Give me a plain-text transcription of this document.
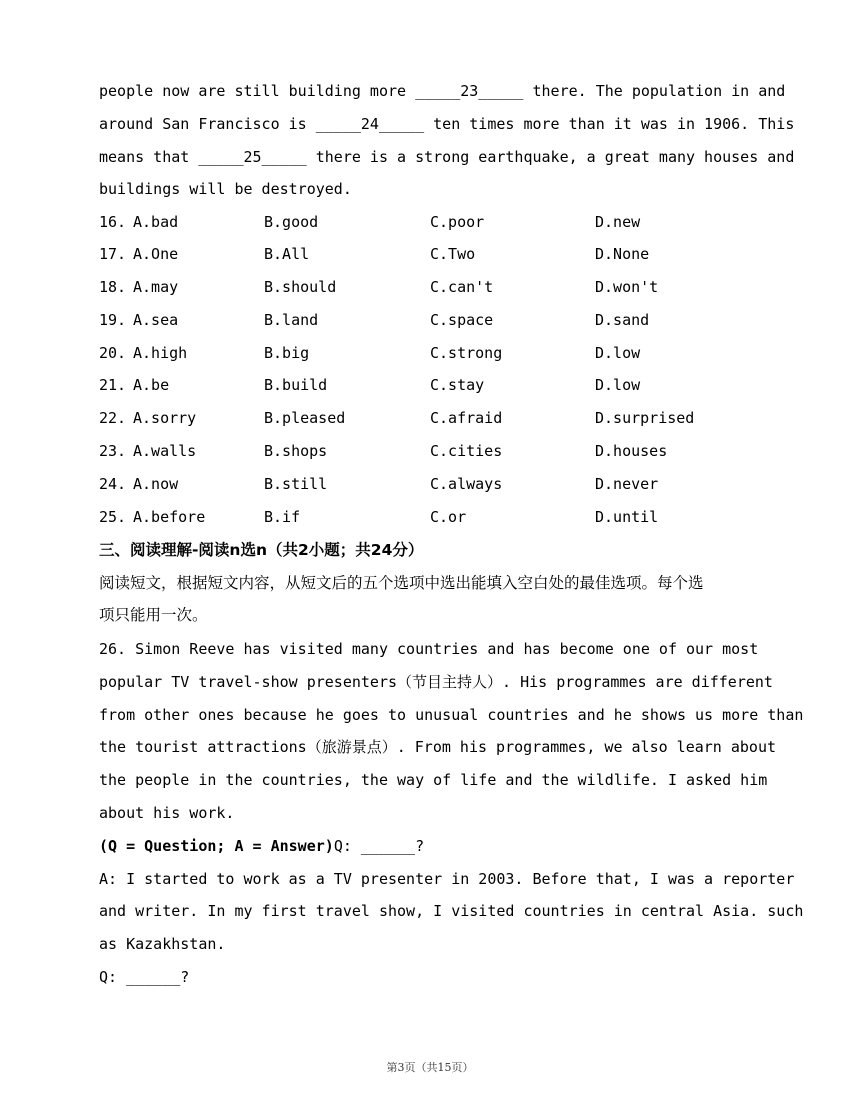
people now are still building more _____23_____ there. The population in and
around San Francisco is _____24_____ ten times more than it was in 1906. This
means that _____25_____ there is a strong earthquake, a great many houses and
buildings will be destroyed.
16. A.bad	B.good	C.poor	D.new
17. A.One	B.All	C.Two	D.None
18. A.may	B.should	C.can't	D.won't
19. A.sea	B.land	C.space	D.sand
20. A.high	B.big	C.strong	D.low
21. A.be	B.build	C.stay	D.low
22. A.sorry	B.pleased	C.afraid	D.surprised
23. A.walls	B.shops	C.cities	D.houses
24. A.now	B.still	C.always	D.never
25. A.before	B.if	C.or	D.until
三、阅读理解-阅读n选n（共2小题；共24分）
阅读短文，根据短文内容，从短文后的五个选项中选出能填入空白处的最佳选项。每个选
项只能用一次。
26. Simon Reeve has visited many countries and has become one of our most
popular TV travel-show presenters（节目主持人）. His programmes are different
from other ones because he goes to unusual countries and he shows us more than
the tourist attractions（旅游景点）. From his programmes, we also learn about
the people in the countries, the way of life and the wildlife. I asked him
about his work.
(Q = Question; A = Answer)Q: ______?
A: I started to work as a TV presenter in 2003. Before that, I was a reporter
and writer. In my first travel show, I visited countries in central Asia. such
as Kazakhstan.
Q: ______?
第3页（共15页）
